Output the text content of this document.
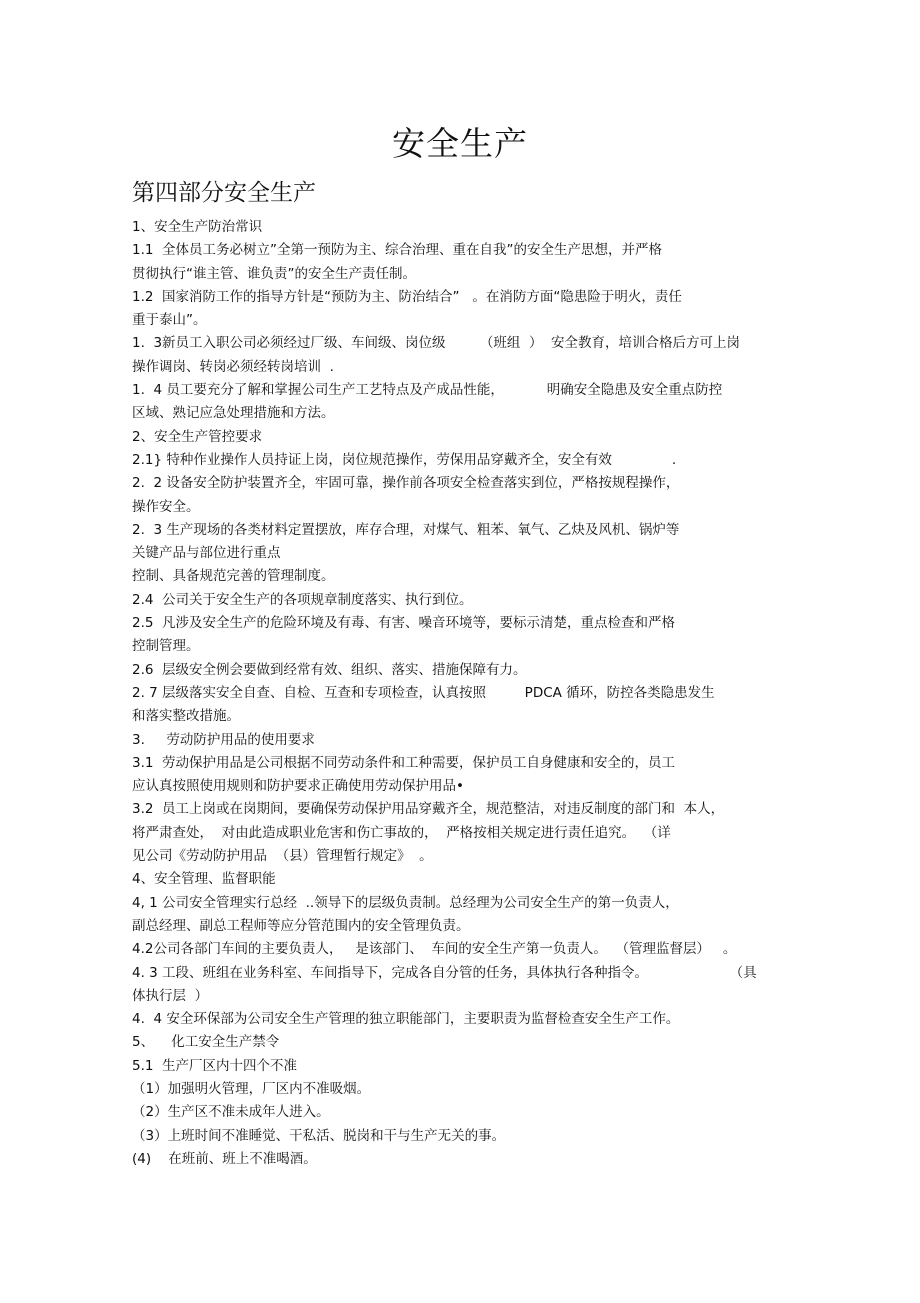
安全生产
第四部分安全生产
1、安全生产防治常识
1.1  全体员工务必树立”全第一预防为主、综合治理、重在自我”的安全生产思想，并严格
贯彻执行“谁主管、谁负责”的安全生产责任制。
1.2  国家消防工作的指导方针是“预防为主、防治结合”   。在消防方面“隐患险于明火，责任
重于泰山”。
1.  3新员工入职公司必须经过厂级、车间级、岗位级        （班组  ）  安全教育，培训合格后方可上岗
操作调岗、转岗必须经转岗培训  .
1.  4 员工要充分了解和掌握公司生产工艺特点及产成品性能，          明确安全隐患及安全重点防控
区域、熟记应急处理措施和方法。
2、安全生产管控要求
2.1} 特种作业操作人员持证上岗，岗位规范操作，劳保用品穿戴齐全，安全有效              .
2.  2 设备安全防护装置齐全，牢固可靠，操作前各项安全检查落实到位，严格按规程操作，
操作安全。
2.  3 生产现场的各类材料定置摆放，库存合理，对煤气、粗苯、氧气、乙炔及风机、锅炉等
关键产品与部位进行重点
控制、具备规范完善的管理制度。
2.4  公司关于安全生产的各项规章制度落实、执行到位。
2.5  凡涉及安全生产的危险环境及有毒、有害、噪音环境等，要标示清楚，重点检查和严格
控制管理。
2.6  层级安全例会要做到经常有效、组织、落实、措施保障有力。
2. 7 层级落实安全自查、自检、互查和专项检查，认真按照         PDCA 循环，防控各类隐患发生
和落实整改措施。
3.     劳动防护用品的使用要求
3.1  劳动保护用品是公司根据不同劳动条件和工种需要，保护员工自身健康和安全的，员工
应认真按照使用规则和防护要求正确使用劳动保护用品•
3.2  员工上岗或在岗期间，要确保劳动保护用品穿戴齐全，规范整洁，对违反制度的部门和  本人，
将严肃查处，  对由此造成职业危害和伤亡事故的，  严格按相关规定进行责任追究。  （详
见公司《劳动防护用品  （县）管理暂行规定》  。
4、安全管理、监督职能
4, 1 公司安全管理实行总经  ..领导下的层级负责制。总经理为公司安全生产的第一负责人，
副总经理、副总工程师等应分管范围内的安全管理负责。
4.2公司各部门车间的主要负责人，   是该部门、  车间的安全生产第一负责人。  （管理监督层）   。
4. 3 工段、班组在业务科室、车间指导下，完成各自分管的任务，具体执行各种指令。                   （具
体执行层  ）
4.  4 安全环保部为公司安全生产管理的独立职能部门，主要职责为监督检查安全生产工作。
5、    化工安全生产禁令
5.1  生产厂区内十四个不准
（1）加强明火管理，厂区内不准吸烟。
（2）生产区不准未成年人进入。
（3）上班时间不准睡觉、干私活、脱岗和干与生产无关的事。
(4)    在班前、班上不准喝酒。
